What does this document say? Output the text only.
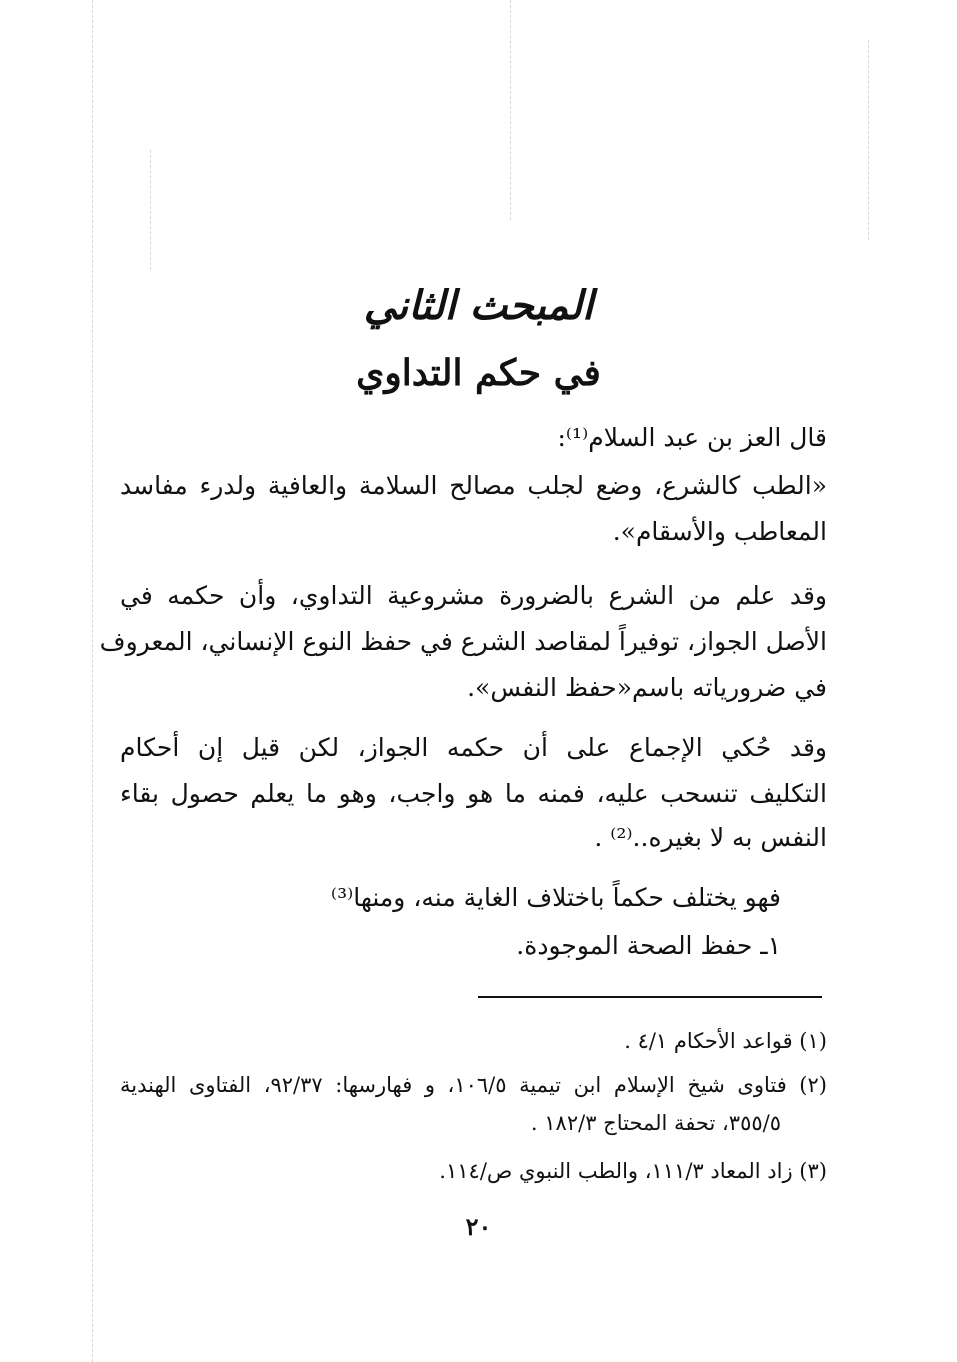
المبحث الثاني
في حكم التداوي
قال العز بن عبد السلام⁽¹⁾:
«الطب كالشرع، وضع لجلب مصالح السلامة والعافية ولدرء مفاسد
المعاطب والأسقام».
وقد علم من الشرع بالضرورة مشروعية التداوي، وأن حكمه في
الأصل الجواز، توفيراً لمقاصد الشرع في حفظ النوع الإنساني، المعروف
في ضرورياته باسم«حفظ النفس».
وقد حُكي الإجماع على أن حكمه الجواز، لكن قيل إن أحكام
التكليف تنسحب عليه، فمنه ما هو واجب، وهو ما يعلم حصول بقاء
النفس به لا بغيره..⁽²⁾ .
فهو يختلف حكماً باختلاف الغاية منه، ومنها⁽³⁾
١ـ حفظ الصحة الموجودة.
(١) قواعد الأحكام ٤/١ .
(٢) فتاوى شيخ الإسلام ابن تيمية ١٠٦/٥، و فهارسها: ٩٢/٣٧، الفتاوى الهندية
٣٥٥/٥، تحفة المحتاج ١٨٢/٣ .
(٣) زاد المعاد ١١١/٣، والطب النبوي ص/١١٤.
٢٠
